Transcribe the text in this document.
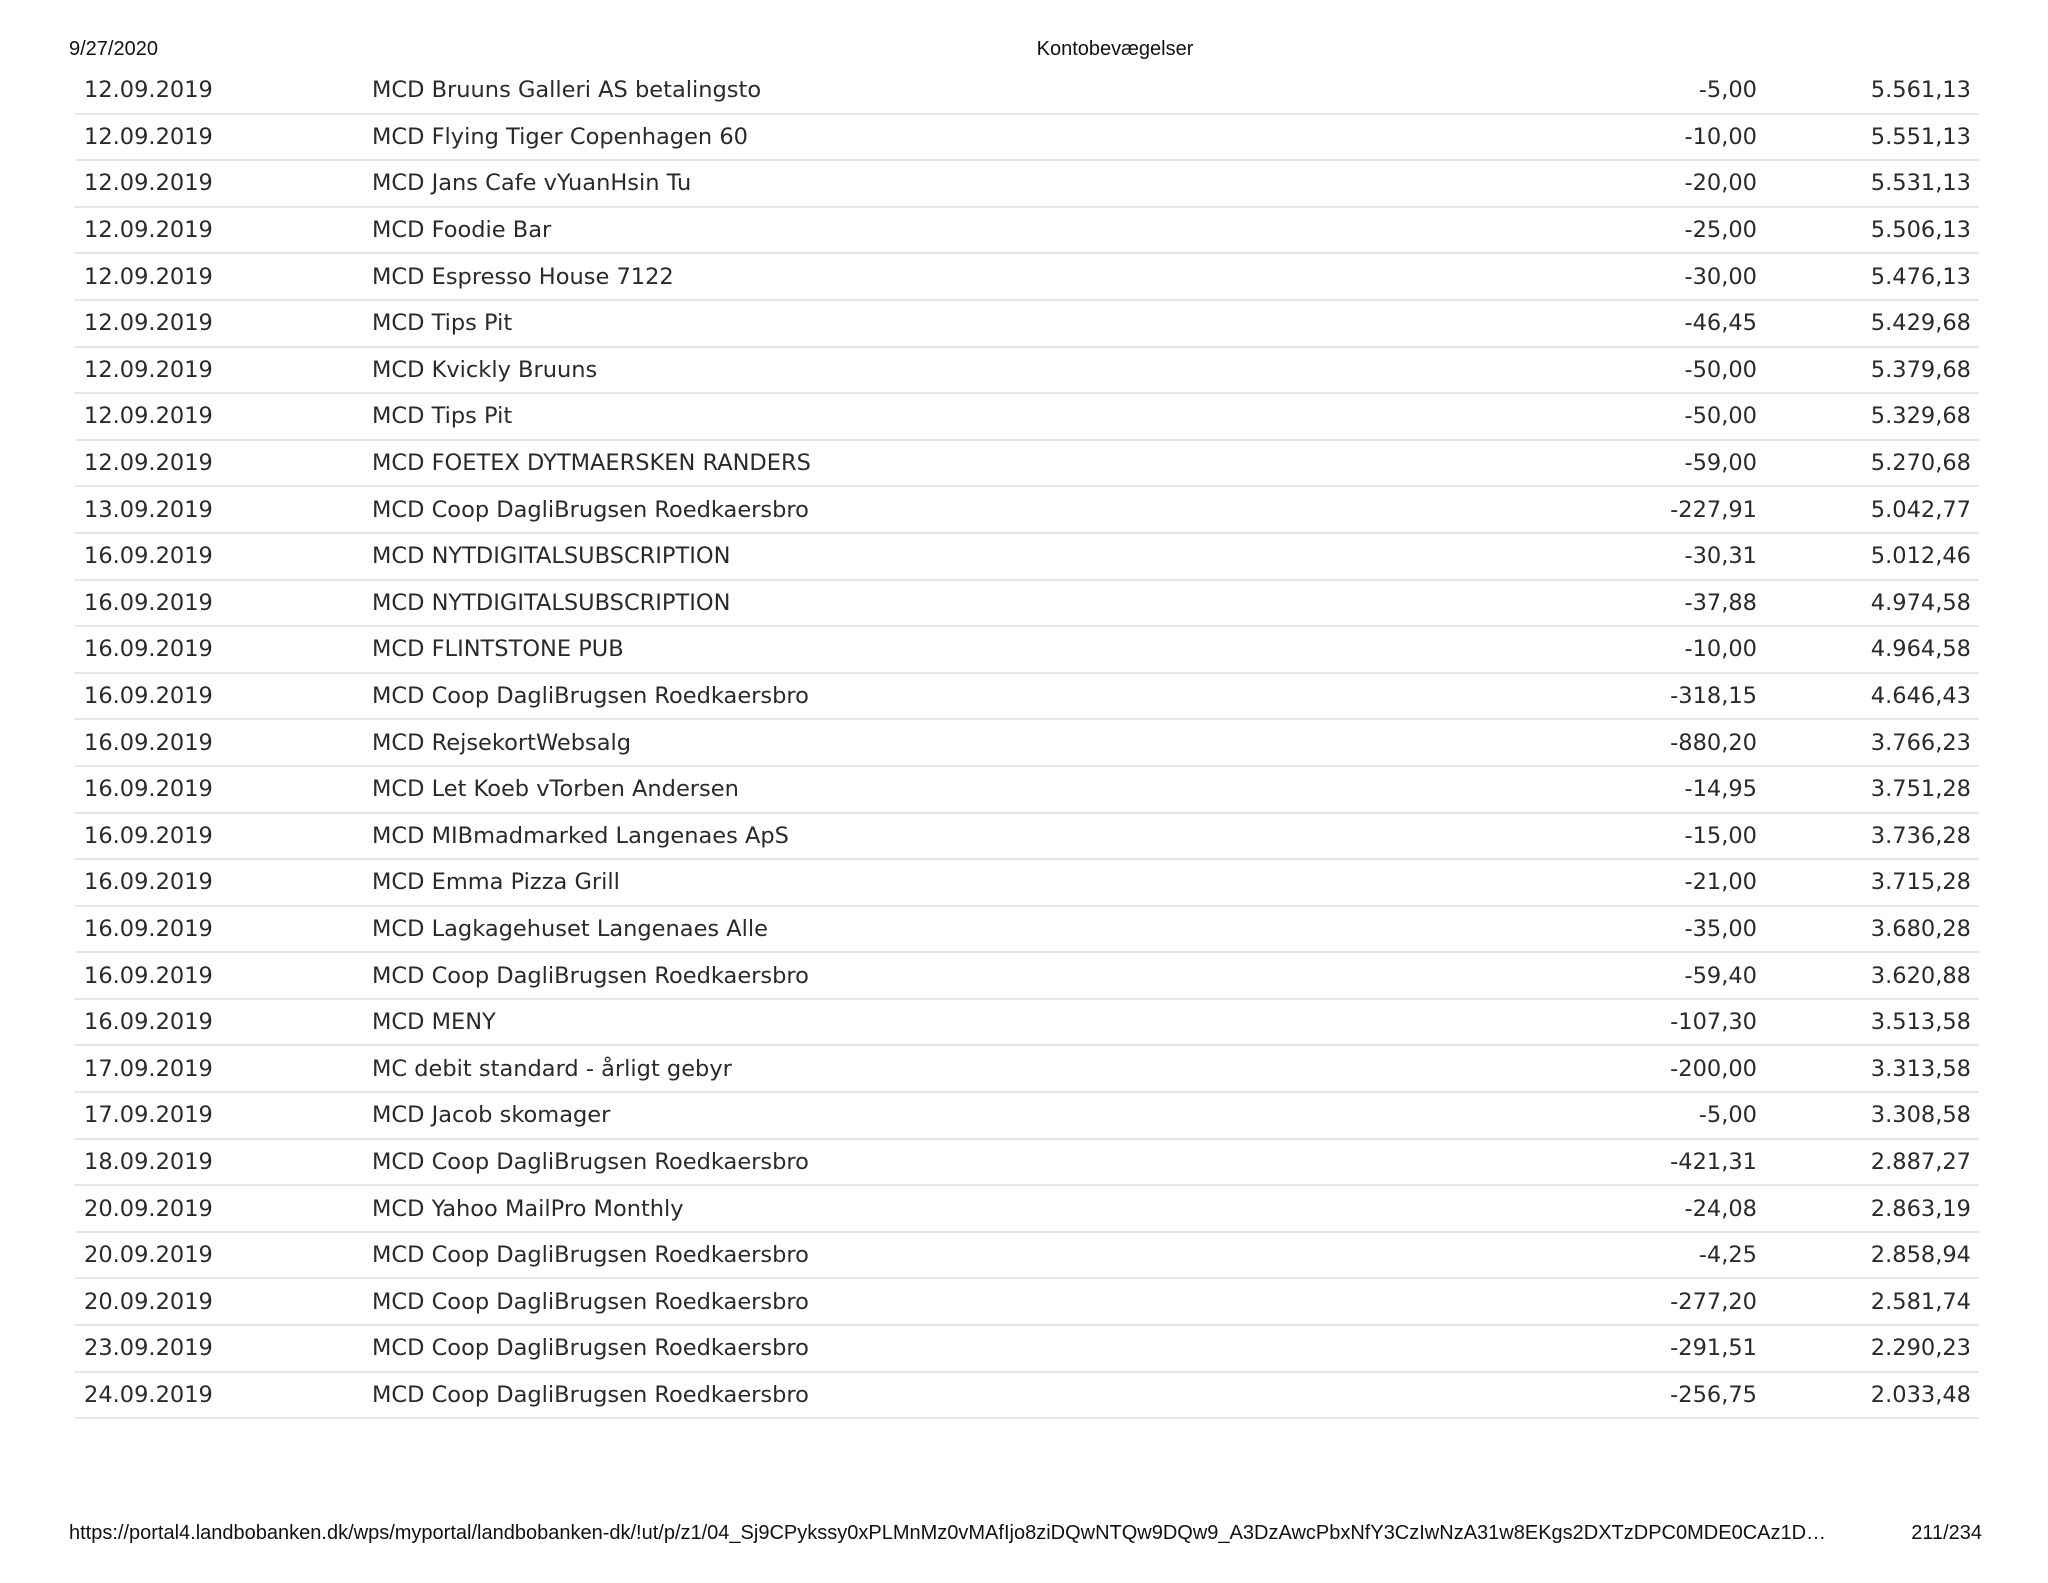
9/27/2020	Kontobevægelser
12.09.2019	MCD Bruuns Galleri AS betalingsto	-5,00	5.561,13
12.09.2019	MCD Flying Tiger Copenhagen 60	-10,00	5.551,13
12.09.2019	MCD Jans Cafe vYuanHsin Tu	-20,00	5.531,13
12.09.2019	MCD Foodie Bar	-25,00	5.506,13
12.09.2019	MCD Espresso House 7122	-30,00	5.476,13
12.09.2019	MCD Tips Pit	-46,45	5.429,68
12.09.2019	MCD Kvickly Bruuns	-50,00	5.379,68
12.09.2019	MCD Tips Pit	-50,00	5.329,68
12.09.2019	MCD FOETEX DYTMAERSKEN RANDERS	-59,00	5.270,68
13.09.2019	MCD Coop DagliBrugsen Roedkaersbro	-227,91	5.042,77
16.09.2019	MCD NYTDIGITALSUBSCRIPTION	-30,31	5.012,46
16.09.2019	MCD NYTDIGITALSUBSCRIPTION	-37,88	4.974,58
16.09.2019	MCD FLINTSTONE PUB	-10,00	4.964,58
16.09.2019	MCD Coop DagliBrugsen Roedkaersbro	-318,15	4.646,43
16.09.2019	MCD RejsekortWebsalg	-880,20	3.766,23
16.09.2019	MCD Let Koeb vTorben Andersen	-14,95	3.751,28
16.09.2019	MCD MIBmadmarked Langenaes ApS	-15,00	3.736,28
16.09.2019	MCD Emma Pizza Grill	-21,00	3.715,28
16.09.2019	MCD Lagkagehuset Langenaes Alle	-35,00	3.680,28
16.09.2019	MCD Coop DagliBrugsen Roedkaersbro	-59,40	3.620,88
16.09.2019	MCD MENY	-107,30	3.513,58
17.09.2019	MC debit standard - årligt gebyr	-200,00	3.313,58
17.09.2019	MCD Jacob skomager	-5,00	3.308,58
18.09.2019	MCD Coop DagliBrugsen Roedkaersbro	-421,31	2.887,27
20.09.2019	MCD Yahoo MailPro Monthly	-24,08	2.863,19
20.09.2019	MCD Coop DagliBrugsen Roedkaersbro	-4,25	2.858,94
20.09.2019	MCD Coop DagliBrugsen Roedkaersbro	-277,20	2.581,74
23.09.2019	MCD Coop DagliBrugsen Roedkaersbro	-291,51	2.290,23
24.09.2019	MCD Coop DagliBrugsen Roedkaersbro	-256,75	2.033,48
https://portal4.landbobanken.dk/wps/myportal/landbobanken-dk/!ut/p/z1/04_Sj9CPykssy0xPLMnMz0vMAfIjo8ziDQwNTQw9DQw9_A3DzAwcPbxNfY3CzIwNzA31w8EKgs2DXTzDPC0MDE0CAz1D…	211/234
